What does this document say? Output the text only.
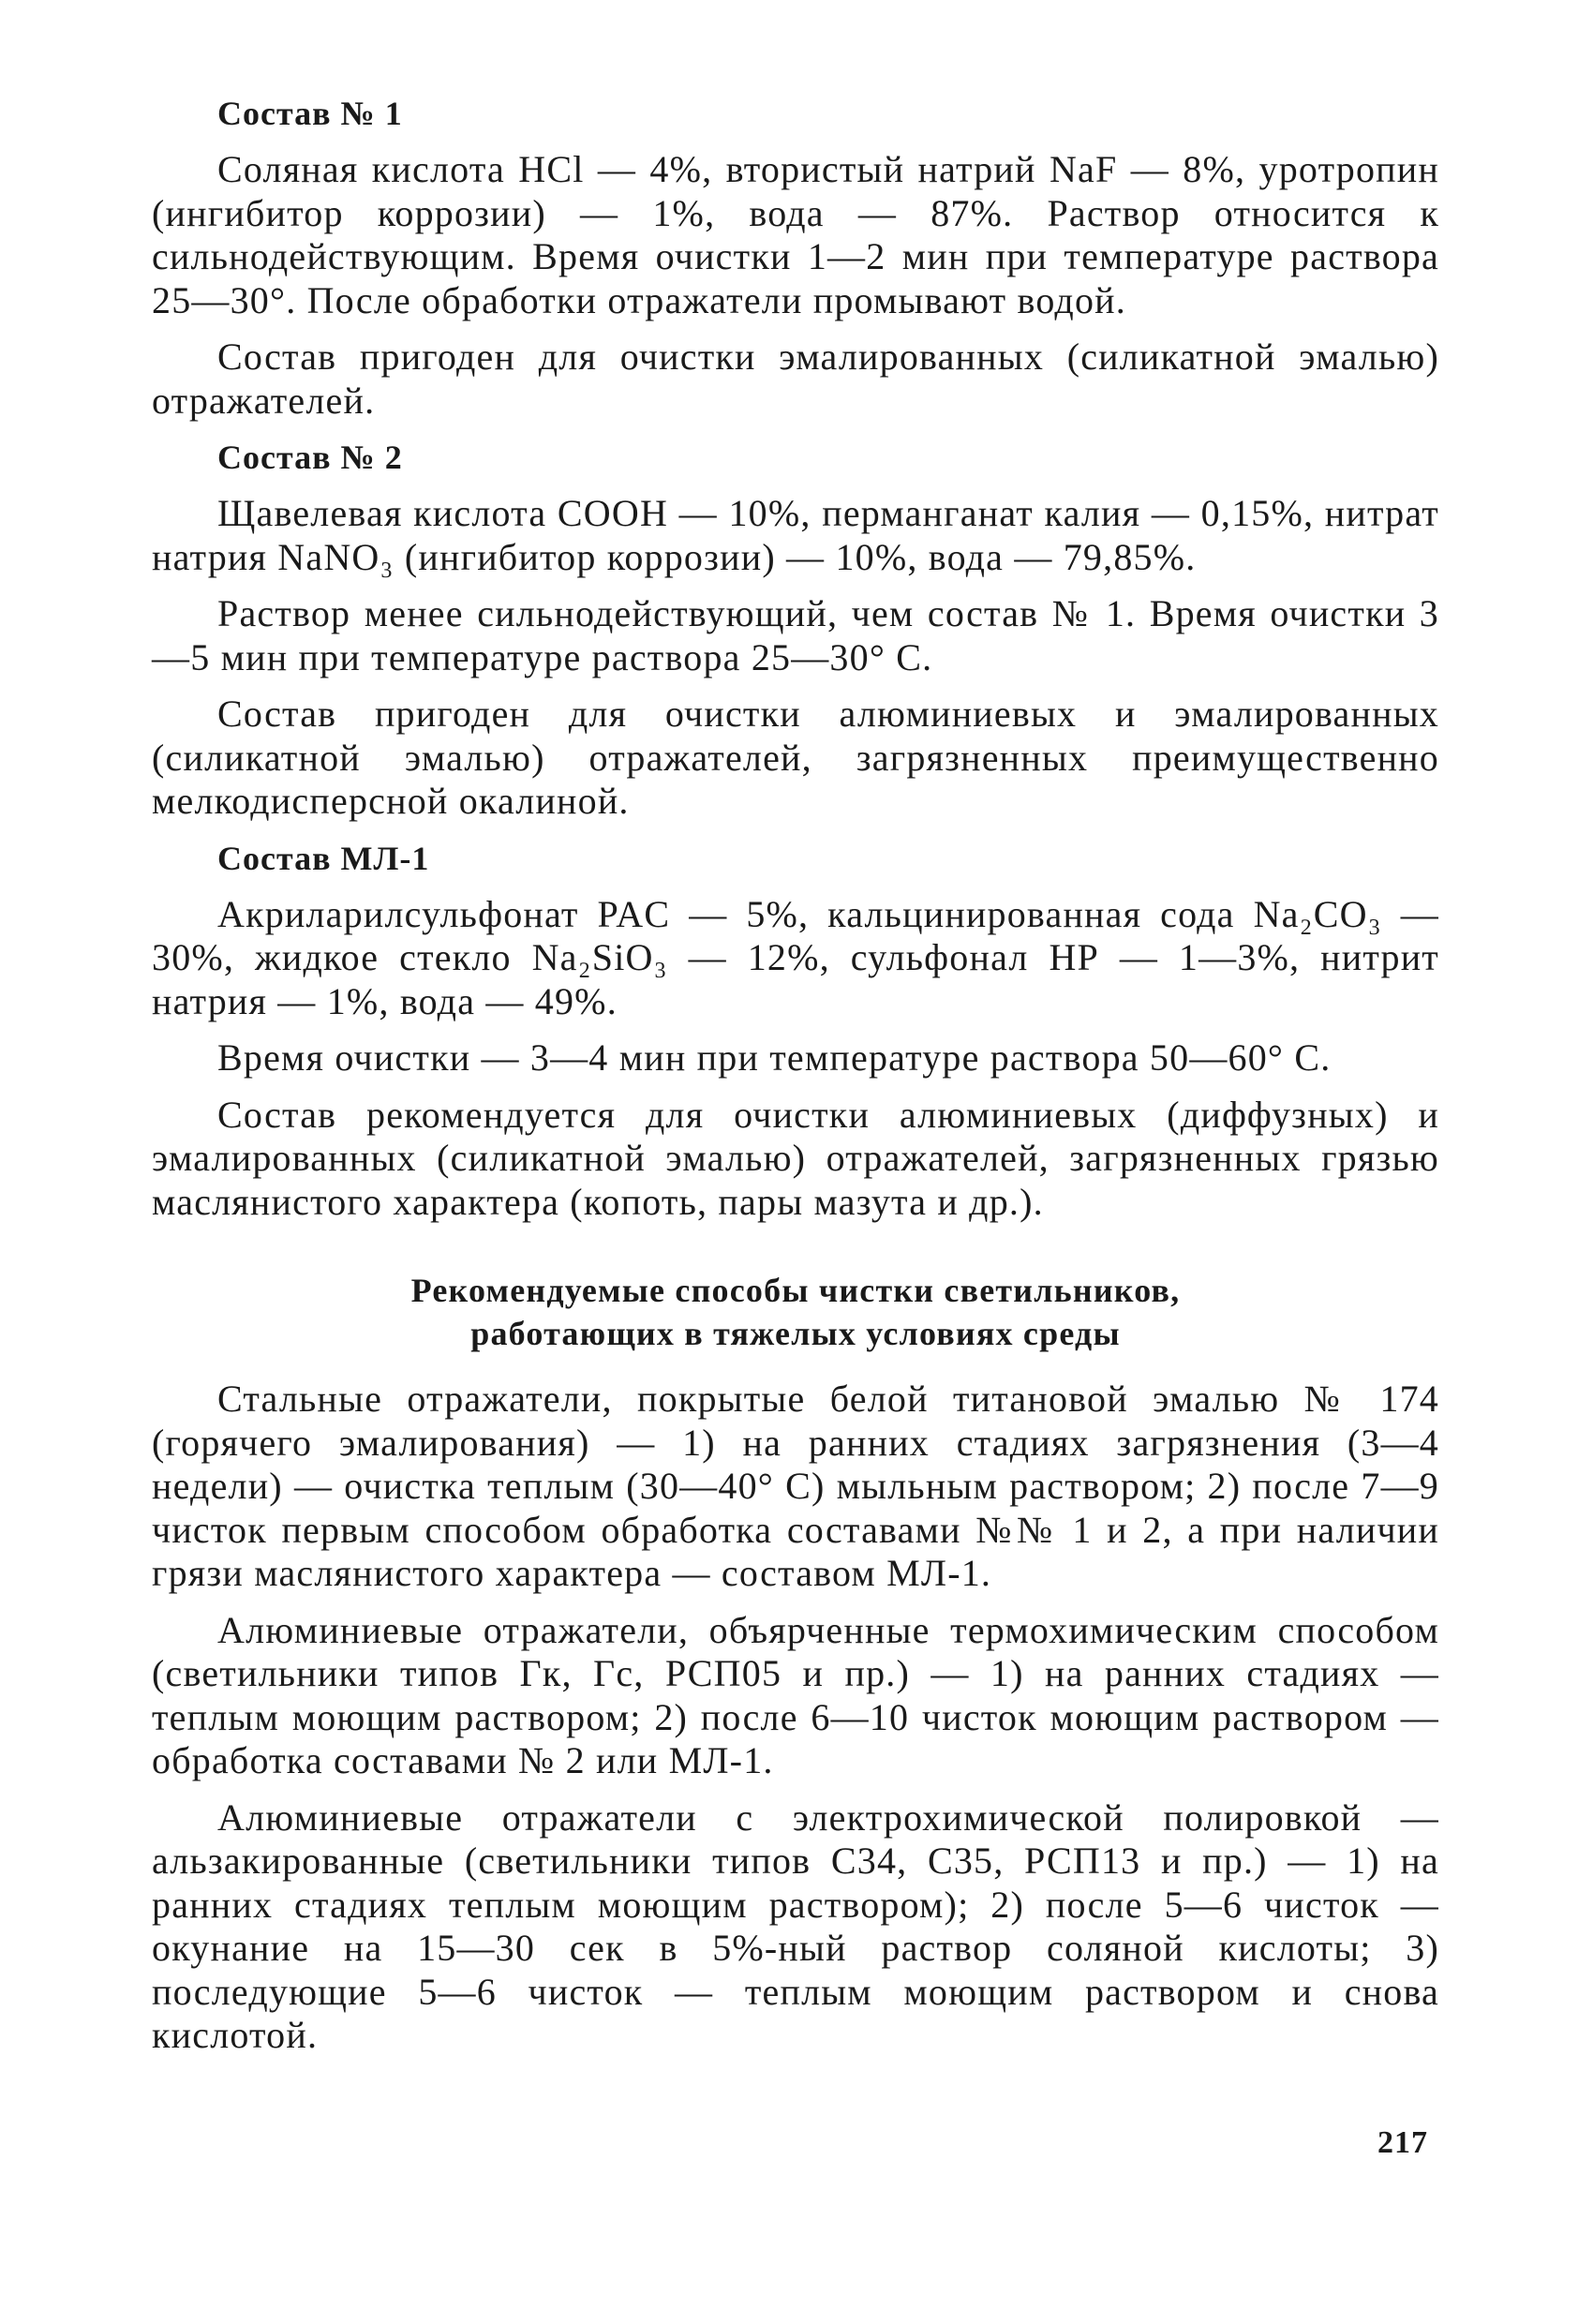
Состав № 1

Соляная кислота HCl — 4%, втористый натрий NaF — 8%, уротропин (ингибитор коррозии) — 1%, вода — 87%. Раствор относится к сильнодействующим. Время очистки 1—2 мин при температуре раствора 25—30°. После обработки отражатели промывают водой.

Состав пригоден для очистки эмалированных (силикатной эмалью) отражателей.

Состав № 2

Щавелевая кислота COOH — 10%, перманганат калия — 0,15%, нитрат натрия NaNO₃ (ингибитор коррозии) — 10%, вода — 79,85%.

Раствор менее сильнодействующий, чем состав № 1. Время очистки 3—5 мин при температуре раствора 25—30° C.

Состав пригоден для очистки алюминиевых и эмалированных (силикатной эмалью) отражателей, загрязненных преимущественно мелкодисперсной окалиной.

Состав МЛ-1

Акриларилсульфонат PAC — 5%, кальцинированная сода Na₂CO₃ — 30%, жидкое стекло Na₂SiO₃ — 12%, сульфонал НР — 1—3%, нитрит натрия — 1%, вода — 49%.

Время очистки — 3—4 мин при температуре раствора 50—60° C.

Состав рекомендуется для очистки алюминиевых (диффузных) и эмалированных (силикатной эмалью) отражателей, загрязненных грязью маслянистого характера (копоть, пары мазута и др.).

Рекомендуемые способы чистки светильников,
работающих в тяжелых условиях среды

Стальные отражатели, покрытые белой титановой эмалью № 174 (горячего эмалирования) — 1) на ранних стадиях загрязнения (3—4 недели) — очистка теплым (30—40° C) мыльным раствором; 2) после 7—9 чисток первым способом обработка составами №№ 1 и 2, а при наличии грязи маслянистого характера — составом МЛ-1.

Алюминиевые отражатели, объярченные термохимическим способом (светильники типов Гк, Гс, РСП05 и пр.) — 1) на ранних стадиях — теплым моющим раствором; 2) после 6—10 чисток моющим раствором — обработка составами № 2 или МЛ-1.

Алюминиевые отражатели с электрохимической полировкой — альзакированные (светильники типов С34, С35, РСП13 и пр.) — 1) на ранних стадиях теплым моющим раствором); 2) после 5—6 чисток — окунание на 15—30 сек в 5%-ный раствор соляной кислоты; 3) последующие 5—6 чисток — теплым моющим раствором и снова кислотой.

217
